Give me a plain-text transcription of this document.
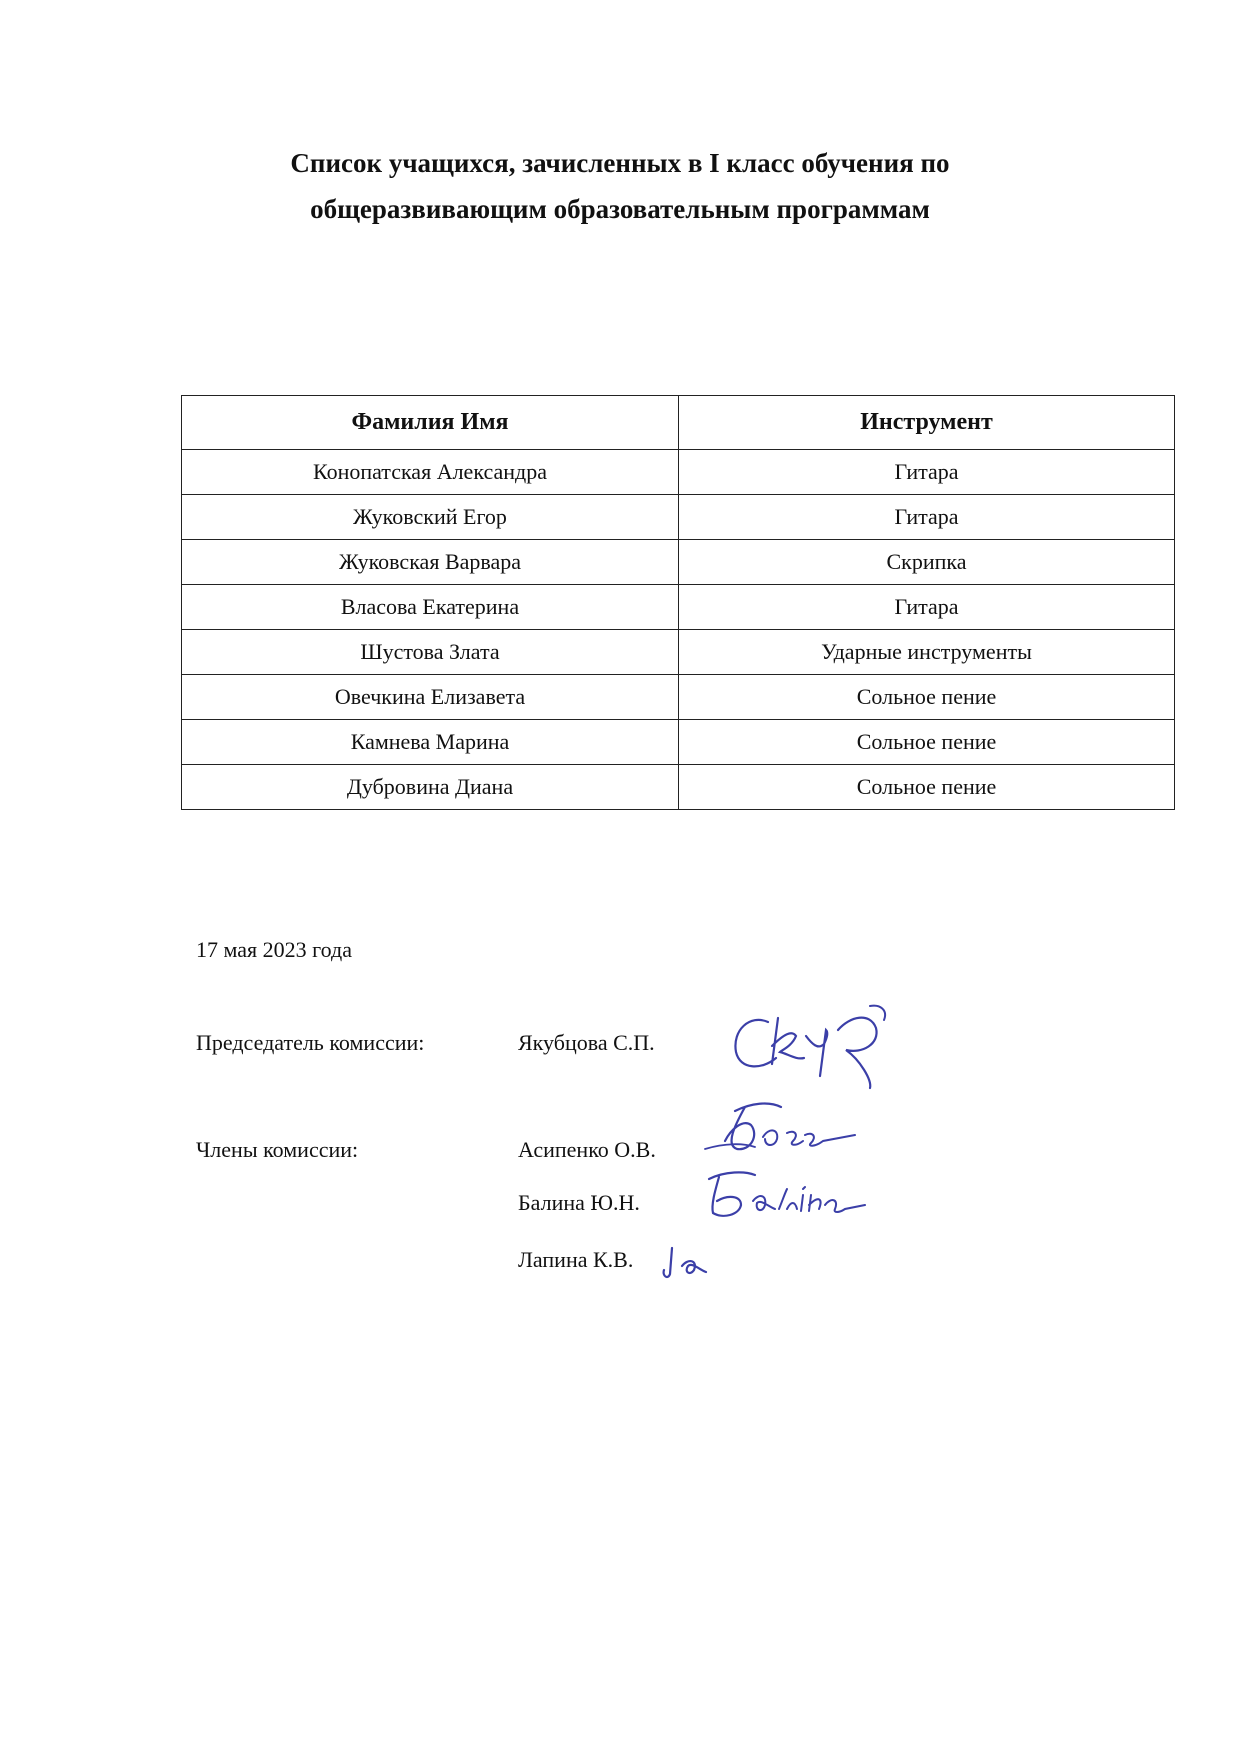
Список учащихся, зачисленных в I класс обучения по
общеразвивающим образовательным программам
Фамилия Имя	Инструмент
Конопатская Александра	Гитара
Жуковский Егор	Гитара
Жуковская Варвара	Скрипка
Власова Екатерина	Гитара
Шустова Злата	Ударные инструменты
Овечкина Елизавета	Сольное пение
Камнева Марина	Сольное пение
Дубровина Диана	Сольное пение
17 мая 2023 года
Председатель комиссии:	Якубцова С.П.
Члены комиссии:	Асипенко О.В.
Балина Ю.Н.
Лапина К.В.
